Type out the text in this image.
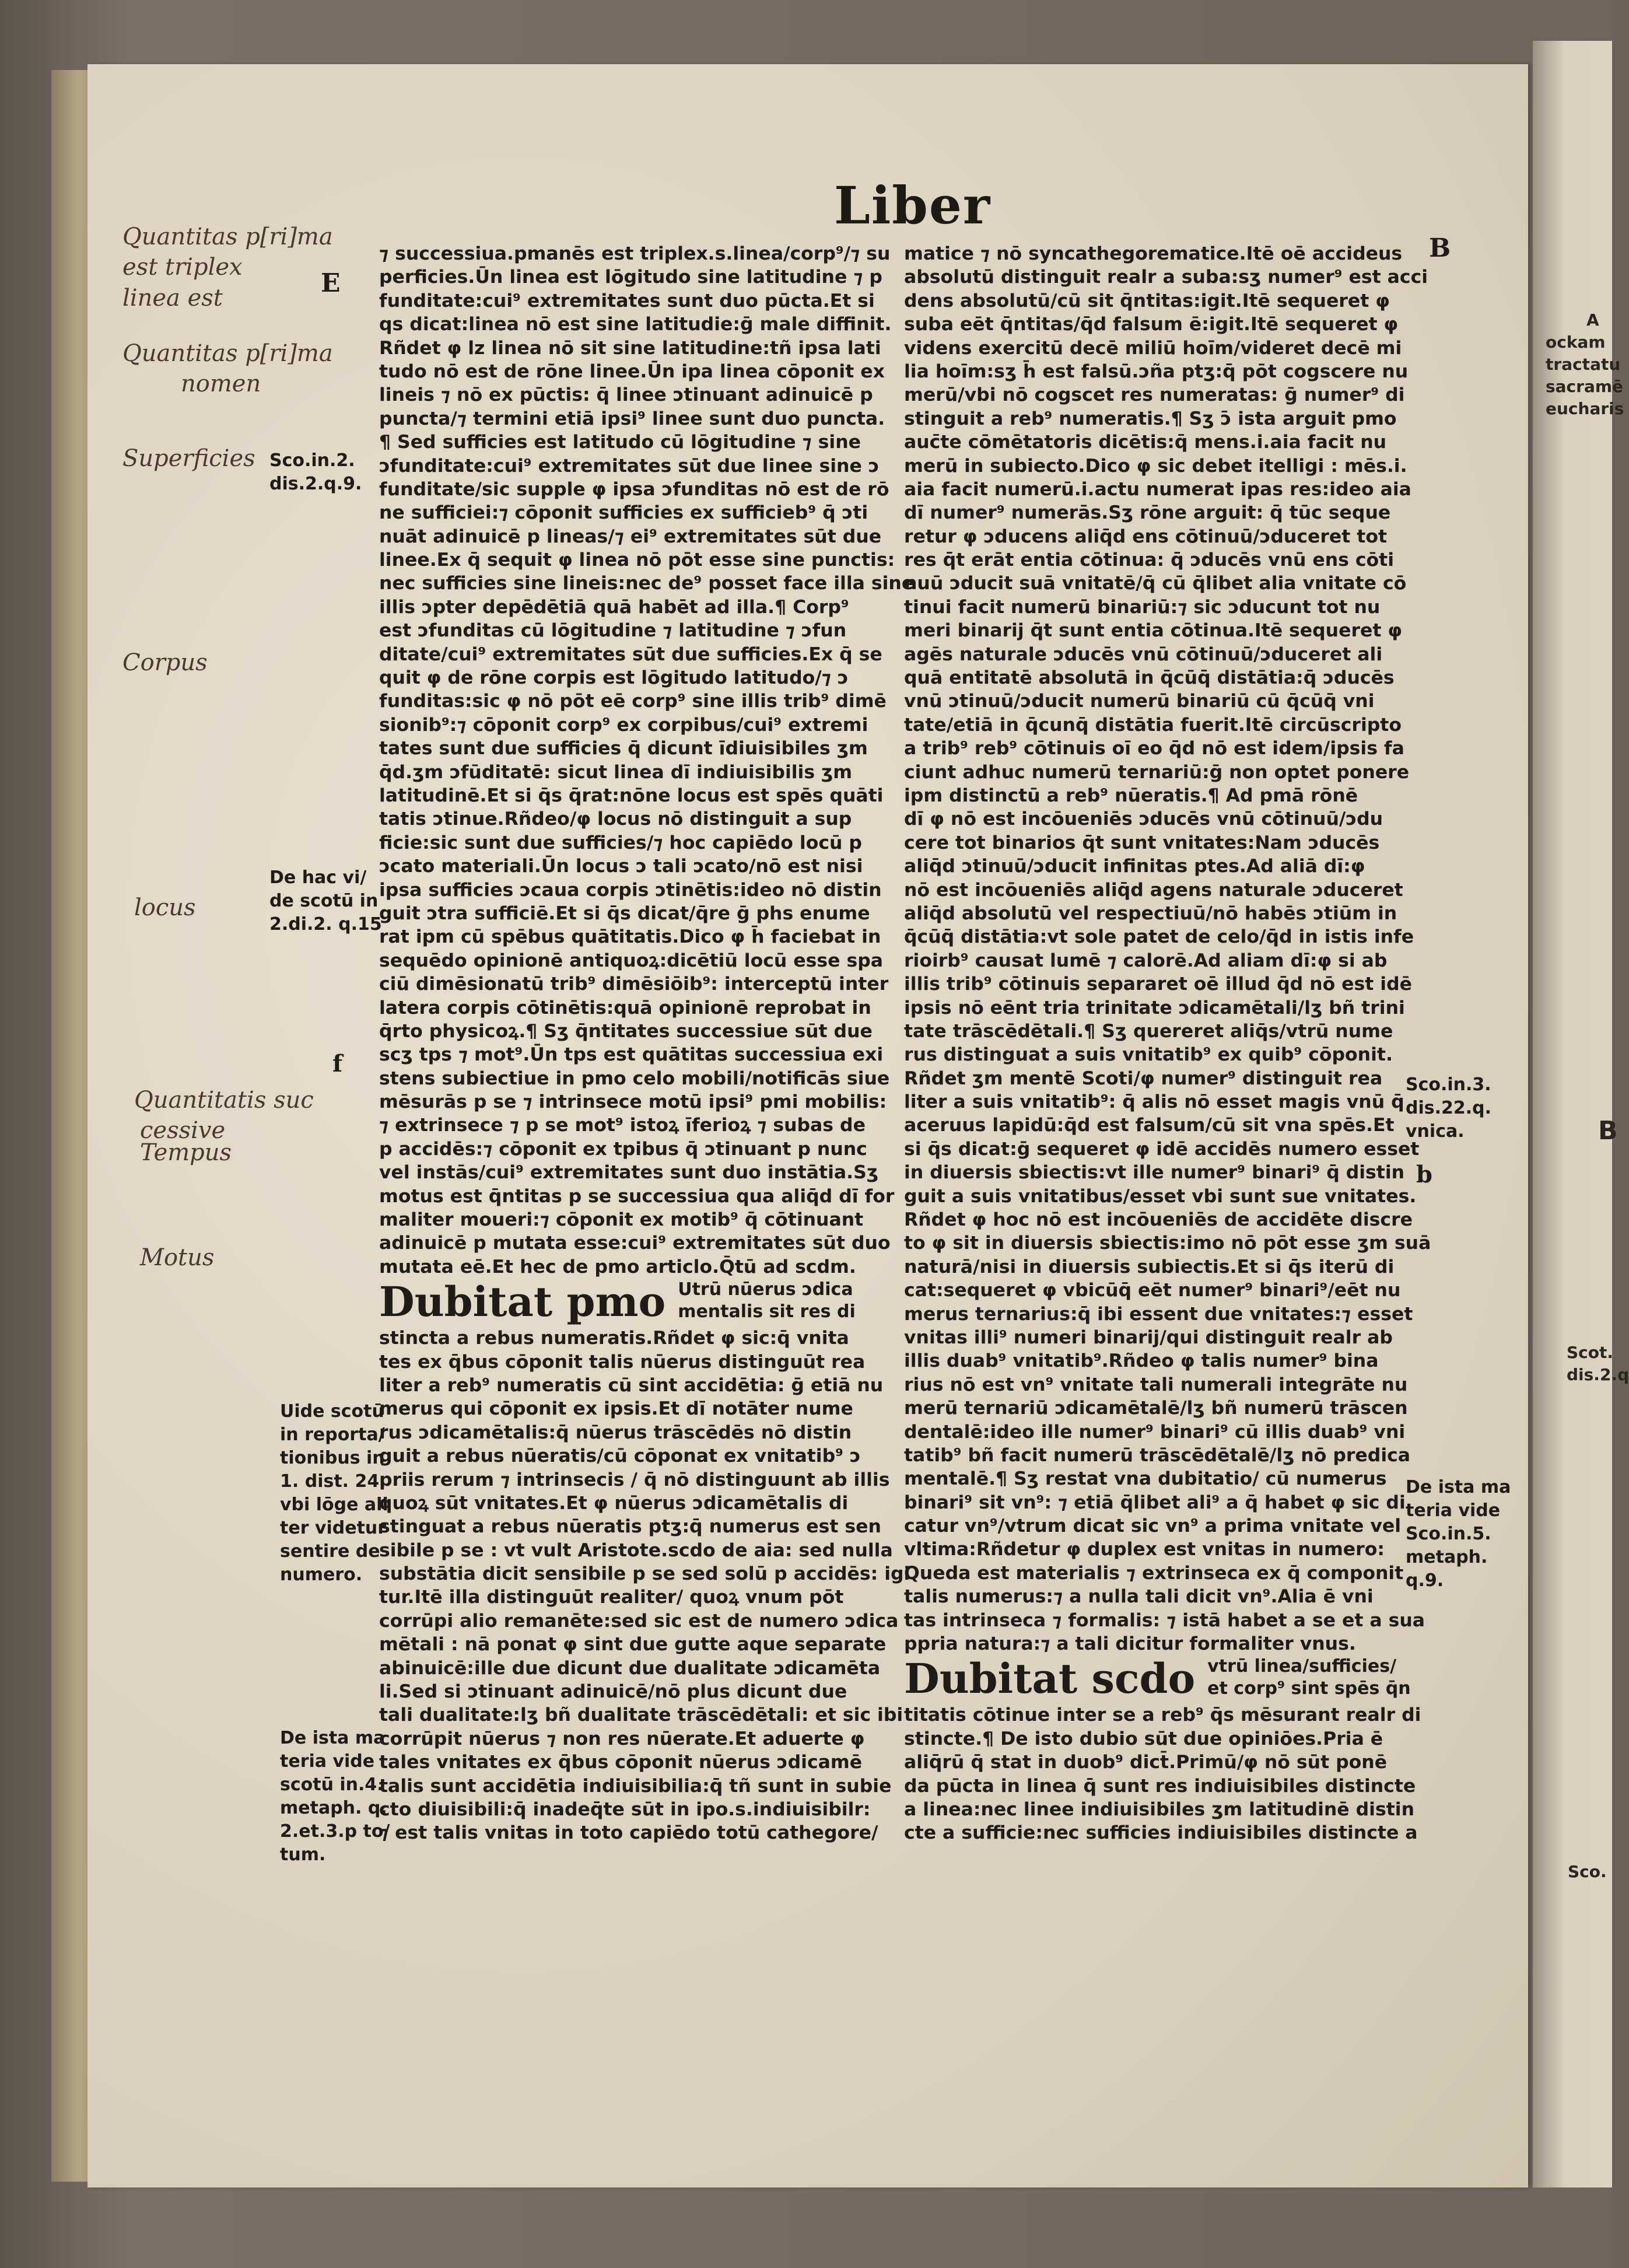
A
ockam
tractatu
sacramē
eucharis
B
Scot.
dis.2.q
Sco.
Liber
E
B
b
f
Quantitas p[ri]ma
est triplex
linea est
Quantitas p[ri]ma
nomen
Superficies
Corpus
locus
Quantitatis suc
cessive
Tempus
Motus
Sco.in.2.
dis.2.q.9.
De hac vi/
de scotū in
2.di.2. q.15
Uide scotū
in reporta/
tionibus in
1. dist. 24.
vbi lōge ali
ter videtur
sentire de
numero.
De ista ma
teria vide
scotū in.4.
metaph. q.
2.et.3.p to/
tum.
Sco.in.3.
dis.22.q.
vnica.
De ista ma
teria vide
Sco.in.5.
metaph.
q.9.
⁊ successiua.pmanēs est triplex.s.linea/corp⁹/⁊ su
perficies.Ūn linea est lōgitudo sine latitudine ⁊ p
funditate:cui⁹ extremitates sunt duo pūcta.Et si
qs dicat:linea nō est sine latitudie:ḡ male diffinit.
Rñdet φ lz linea nō sit sine latitudine:tñ ipsa lati
tudo nō est de rōne linee.Ūn ipa linea cōponit ex
lineis ⁊ nō ex pūctis: q̄ linee ɔtinuant adinuicē p
puncta/⁊ termini etiā ipsi⁹ linee sunt duo puncta.
¶ Sed sufficies est latitudo cū lōgitudine ⁊ sine
ɔfunditate:cui⁹ extremitates sūt due linee sine ɔ
funditate/sic supple φ ipsa ɔfunditas nō est de rō
ne sufficiei:⁊ cōponit sufficies ex sufficieb⁹ q̄ ɔti
nuāt adinuicē p lineas/⁊ ei⁹ extremitates sūt due
linee.Ex q̄ sequit φ linea nō pōt esse sine punctis:
nec sufficies sine lineis:nec de⁹ posset face illa sine
illis ɔpter depēdētiā quā habēt ad illa.¶ Corp⁹
est ɔfunditas cū lōgitudine ⁊ latitudine ⁊ ɔfun
ditate/cui⁹ extremitates sūt due sufficies.Ex q̄ se
quit φ de rōne corpis est lōgitudo latitudo/⁊ ɔ
funditas:sic φ nō pōt eē corp⁹ sine illis trib⁹ dimē
sionib⁹:⁊ cōponit corp⁹ ex corpibus/cui⁹ extremi
tates sunt due sufficies q̄ dicunt īdiuisibiles ʒm
q̄d.ʒm ɔfūditatē: sicut linea dī indiuisibilis ʒm
latitudinē.Et si q̄s q̄rat:nōne locus est spēs quāti
tatis ɔtinue.Rñdeo/φ locus nō distinguit a sup
ficie:sic sunt due sufficies/⁊ hoc capiēdo locū p
ɔcato materiali.Ūn locus ɔ tali ɔcato/nō est nisi
ipsa sufficies ɔcaua corpis ɔtinētis:ideo nō distin
guit ɔtra sufficiē.Et si q̄s dicat/q̄re ḡ phs enume
rat ipm cū spēbus quātitatis.Dico φ h̄ faciebat in
sequēdo opinionē antiquoꝝ:dicētiū locū esse spa
ciū dimēsionatū trib⁹ dimēsiōib⁹: interceptū inter
latera corpis cōtinētis:quā opinionē reprobat in
q̄rto physicoꝝ.¶ Sʒ q̄ntitates successiue sūt due
scʒ tps ⁊ mot⁹.Ūn tps est quātitas successiua exi
stens subiectiue in pmo celo mobili/notificās siue
mēsurās p se ⁊ intrinsece motū ipsi⁹ pmi mobilis:
⁊ extrinsece ⁊ p se mot⁹ istoꝝ īferioꝝ ⁊ subas de
p accidēs:⁊ cōponit ex tpibus q̄ ɔtinuant p nunc
vel instās/cui⁹ extremitates sunt duo instātia.Sʒ
motus est q̄ntitas p se successiua qua aliq̄d dī for
maliter moueri:⁊ cōponit ex motib⁹ q̄ cōtinuant
adinuicē p mutata esse:cui⁹ extremitates sūt duo
mutata eē.Et hec de pmo articlo.Q̄tū ad scdm.
Dubitat pmo Utrū nūerus ɔdica
mentalis sit res di
stincta a rebus numeratis.Rñdet φ sic:q̄ vnita
tes ex q̄bus cōponit talis nūerus distinguūt rea
liter a reb⁹ numeratis cū sint accidētia: ḡ etiā nu
merus qui cōponit ex ipsis.Et dī notāter nume
rus ɔdicamētalis:q̄ nūerus trāscēdēs nō distin
guit a rebus nūeratis/cū cōponat ex vnitatib⁹ ɔ
priis rerum ⁊ intrinsecis / q̄ nō distinguunt ab illis
quoꝝ sūt vnitates.Et φ nūerus ɔdicamētalis di
stinguat a rebus nūeratis ptʒ:q̄ numerus est sen
sibile p se : vt vult Aristote.scdo de aia: sed nulla
substātia dicit sensibile p se sed solū p accidēs: igi
tur.Itē illa distinguūt realiter/ quoꝝ vnum pōt
corrūpi alio remanēte:sed sic est de numero ɔdica
mētali : nā ponat φ sint due gutte aque separate
abinuicē:ille due dicunt due dualitate ɔdicamēta
li.Sed si ɔtinuant adinuicē/nō plus dicunt due
tali dualitate:lʒ bñ dualitate trāscēdētali: et sic ibi
corrūpit nūerus ⁊ non res nūerate.Et aduerte φ
tales vnitates ex q̄bus cōponit nūerus ɔdicamē
talis sunt accidētia indiuisibilia:q̄ tñ sunt in subie
cto diuisibili:q̄ inadeq̄te sūt in ipo.s.indiuisibilr:
⁊ est talis vnitas in toto capiēdo totū cathegore/
matice ⁊ nō syncathegorematice.Itē oē accideus
absolutū distinguit realr a suba:sʒ numer⁹ est acci
dens absolutū/cū sit q̄ntitas:igit.Itē sequeret φ
suba eēt q̄ntitas/q̄d falsum ē:igit.Itē sequeret φ
videns exercitū decē miliū hoīm/videret decē mi
lia hoīm:sʒ h̄ est falsū.ɔña ptʒ:q̄ pōt cogscere nu
merū/vbi nō cogscet res numeratas: ḡ numer⁹ di
stinguit a reb⁹ numeratis.¶ Sʒ ɔ̄ ista arguit pmo
auc̄te cōmētatoris dicētis:q̄ mens.i.aia facit nu
merū in subiecto.Dico φ sic debet itelligi : mēs.i.
aia facit numerū.i.actu numerat ipas res:ideo aia
dī numer⁹ numerās.Sʒ rōne arguit: q̄ tūc seque
retur φ ɔducens aliq̄d ens cōtinuū/ɔduceret tot
res q̄t erāt entia cōtinua: q̄ ɔducēs vnū ens cōti
nuū ɔducit suā vnitatē/q̄ cū q̄libet alia vnitate cō
tinui facit numerū binariū:⁊ sic ɔducunt tot nu
meri binarij q̄t sunt entia cōtinua.Itē sequeret φ
agēs naturale ɔducēs vnū cōtinuū/ɔduceret ali
quā entitatē absolutā in q̄cūq̄ distātia:q̄ ɔducēs
vnū ɔtinuū/ɔducit numerū binariū cū q̄cūq̄ vni
tate/etiā in q̄cunq̄ distātia fuerit.Itē circūscripto
a trib⁹ reb⁹ cōtinuis oī eo q̄d nō est idem/ipsis fa
ciunt adhuc numerū ternariū:ḡ non optet ponere
ipm distinctū a reb⁹ nūeratis.¶ Ad pmā rōnē
dī φ nō est incōueniēs ɔducēs vnū cōtinuū/ɔdu
cere tot binarios q̄t sunt vnitates:Nam ɔducēs
aliq̄d ɔtinuū/ɔducit infinitas ptes.Ad aliā dī:φ
nō est incōueniēs aliq̄d agens naturale ɔduceret
aliq̄d absolutū vel respectiuū/nō habēs ɔtiūm in
q̄cūq̄ distātia:vt sole patet de celo/q̄d in istis infe
rioirb⁹ causat lumē ⁊ calorē.Ad aliam dī:φ si ab
illis trib⁹ cōtinuis separaret oē illud q̄d nō est idē
ipsis nō eēnt tria trinitate ɔdicamētali/lʒ bñ trini
tate trāscēdētali.¶ Sʒ quereret aliq̄s/vtrū nume
rus distinguat a suis vnitatib⁹ ex quib⁹ cōponit.
Rñdet ʒm mentē Scoti/φ numer⁹ distinguit rea
liter a suis vnitatib⁹: q̄ alis nō esset magis vnū q̄
aceruus lapidū:q̄d est falsum/cū sit vna spēs.Et
si q̄s dicat:ḡ sequeret φ idē accidēs numero esset
in diuersis sbiectis:vt ille numer⁹ binari⁹ q̄ distin
guit a suis vnitatibus/esset vbi sunt sue vnitates.
Rñdet φ hoc nō est incōueniēs de accidēte discre
to φ sit in diuersis sbiectis:imo nō pōt esse ʒm suā
naturā/nisi in diuersis subiectis.Et si q̄s iterū di
cat:sequeret φ vbicūq̄ eēt numer⁹ binari⁹/eēt nu
merus ternarius:q̄ ibi essent due vnitates:⁊ esset
vnitas illi⁹ numeri binarij/qui distinguit realr ab
illis duab⁹ vnitatib⁹.Rñdeo φ talis numer⁹ bina
rius nō est vn⁹ vnitate tali numerali integrāte nu
merū ternariū ɔdicamētalē/lʒ bñ numerū trāscen
dentalē:ideo ille numer⁹ binari⁹ cū illis duab⁹ vni
tatib⁹ bñ facit numerū trāscēdētalē/lʒ nō predica
mentalē.¶ Sʒ restat vna dubitatio/ cū numerus
binari⁹ sit vn⁹: ⁊ etiā q̄libet ali⁹ a q̄ habet φ sic di
catur vn⁹/vtrum dicat sic vn⁹ a prima vnitate vel
vltima:Rñdetur φ duplex est vnitas in numero:
Queda est materialis ⁊ extrinseca ex q̄ componit
talis numerus:⁊ a nulla tali dicit vn⁹.Alia ē vni
tas intrinseca ⁊ formalis: ⁊ istā habet a se et a sua
ppria natura:⁊ a tali dicitur formaliter vnus.
Dubitat scdo vtrū linea/sufficies/
et corp⁹ sint spēs q̄n
titatis cōtinue inter se a reb⁹ q̄s mēsurant realr di
stincte.¶ De isto dubio sūt due opiniōes.Pria ē
aliq̄rū q̄ stat in duob⁹ dict̄.Primū/φ nō sūt ponē
da pūcta in linea q̄ sunt res indiuisibiles distincte
a linea:nec linee indiuisibiles ʒm latitudinē distin
cte a sufficie:nec sufficies indiuisibiles distincte a
